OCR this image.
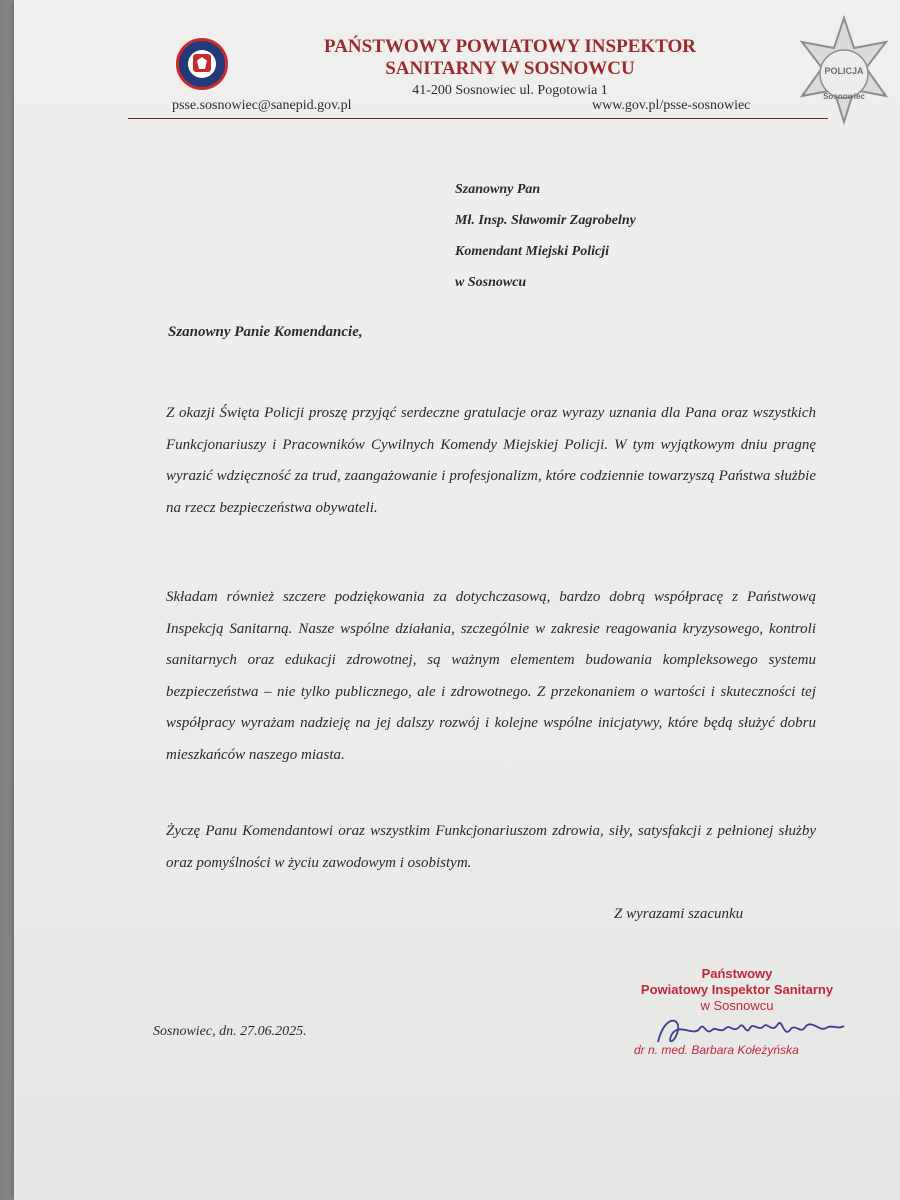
PAŃSTWOWY POWIATOWY INSPEKTOR
SANITARNY W SOSNOWCU
41-200 Sosnowiec ul. Pogotowia 1
psse.sosnowiec@sanepid.gov.pl	www.gov.pl/psse-sosnowiec
POLICJA
Sosnowiec
Szanowny Pan
Mł. Insp. Sławomir Zagrobelny
Komendant Miejski Policji
w Sosnowcu
Szanowny Panie Komendancie,
Z okazji Święta Policji proszę przyjąć serdeczne gratulacje oraz wyrazy uznania dla Pana oraz wszystkich Funkcjonariuszy i Pracowników Cywilnych Komendy Miejskiej Policji. W tym wyjątkowym dniu pragnę wyrazić wdzięczność za trud, zaangażowanie i profesjonalizm, które codziennie towarzyszą Państwa służbie na rzecz bezpieczeństwa obywateli.
Składam również szczere podziękowania za dotychczasową, bardzo dobrą współpracę z Państwową Inspekcją Sanitarną. Nasze wspólne działania, szczególnie w zakresie reagowania kryzysowego, kontroli sanitarnych oraz edukacji zdrowotnej, są ważnym elementem budowania kompleksowego systemu bezpieczeństwa – nie tylko publicznego, ale i zdrowotnego. Z przekonaniem o wartości i skuteczności tej współpracy wyrażam nadzieję na jej dalszy rozwój i kolejne wspólne inicjatywy, które będą służyć dobru mieszkańców naszego miasta.
Życzę Panu Komendantowi oraz wszystkim Funkcjonariuszom zdrowia, siły, satysfakcji z pełnionej służby oraz pomyślności w życiu zawodowym i osobistym.
Z wyrazami szacunku
Państwowy
Powiatowy Inspektor Sanitarny
w Sosnowcu
dr n. med. Barbara Kołeżyńska
Sosnowiec, dn. 27.06.2025.
